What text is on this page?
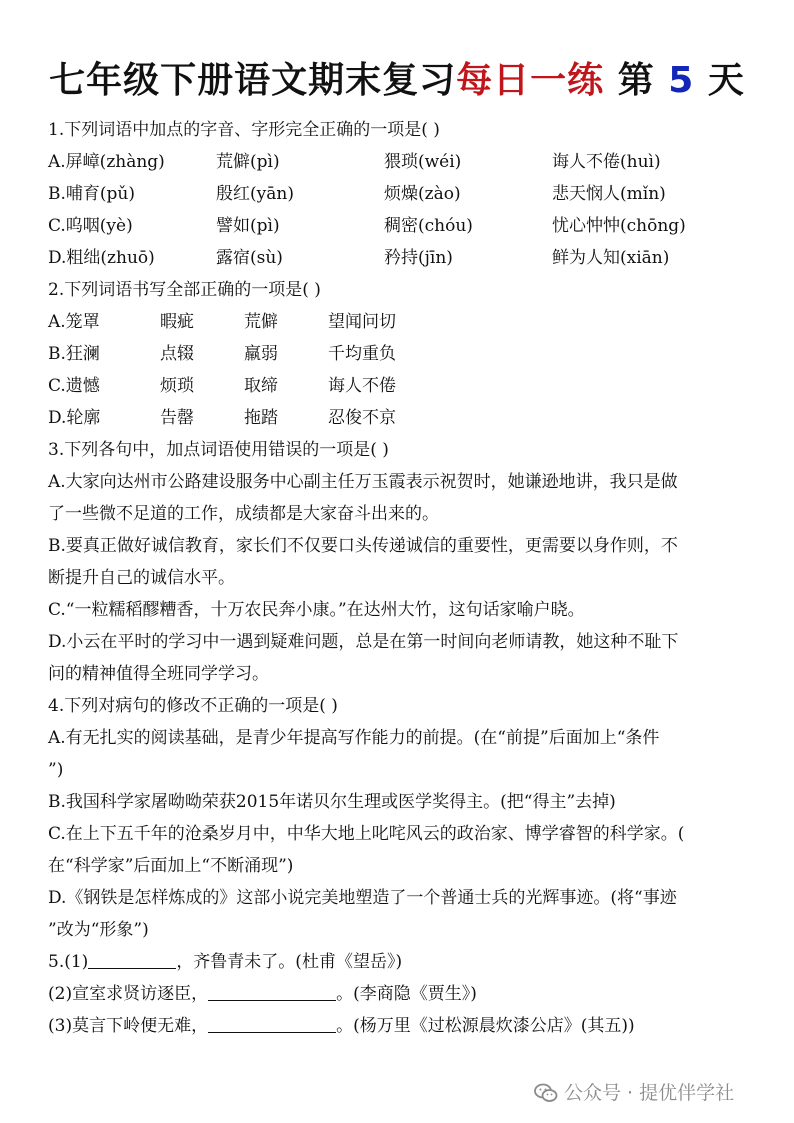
七年级下册语文期末复习每日一练 第 5 天
1.下列词语中加点的字音、字形完全正确的一项是( )
A.屏嶂(zhàng)	荒僻(pì)	猥琐(wéi)	诲人不倦(huì)
B.哺育(pǔ)	殷红(yān)	烦燥(zào)	悲天悯人(mǐn)
C.呜咽(yè)	譬如(pì)	稠密(chóu)	忧心忡忡(chōng)
D.粗绌(zhuō)	露宿(sù)	矜持(jīn)	鲜为人知(xiān)
2.下列词语书写全部正确的一项是( )
A.笼罩	暇疵	荒僻	望闻问切
B.狂澜	点辍	羸弱	千均重负
C.遗憾	烦琐	取缔	诲人不倦
D.轮廓	告罄	拖踏	忍俊不京
3.下列各句中，加点词语使用错误的一项是( )
A.大家向达州市公路建设服务中心副主任万玉霞表示祝贺时，她谦逊地讲，我只是做
了一些微不足道的工作，成绩都是大家奋斗出来的。
B.要真正做好诚信教育，家长们不仅要口头传递诚信的重要性，更需要以身作则，不
断提升自己的诚信水平。
C.“一粒糯稻醪糟香，十万农民奔小康。”在达州大竹，这句话家喻户晓。
D.小云在平时的学习中一遇到疑难问题，总是在第一时间向老师请教，她这种不耻下
问的精神值得全班同学学习。
4.下列对病句的修改不正确的一项是( )
A.有无扎实的阅读基础，是青少年提高写作能力的前提。(在“前提”后面加上“条件
”)
B.我国科学家屠呦呦荣获2015年诺贝尔生理或医学奖得主。(把“得主”去掉)
C.在上下五千年的沧桑岁月中，中华大地上叱咤风云的政治家、博学睿智的科学家。(
在“科学家”后面加上“不断涌现”)
D.《钢铁是怎样炼成的》这部小说完美地塑造了一个普通士兵的光辉事迹。(将“事迹
”改为“形象”)
5.(1)	，齐鲁青未了。(杜甫《望岳》)
(2)宣室求贤访逐臣，	。(李商隐《贾生》)
(3)莫言下岭便无难，	。(杨万里《过松源晨炊漆公店》(其五))
公众号 · 提优伴学社
